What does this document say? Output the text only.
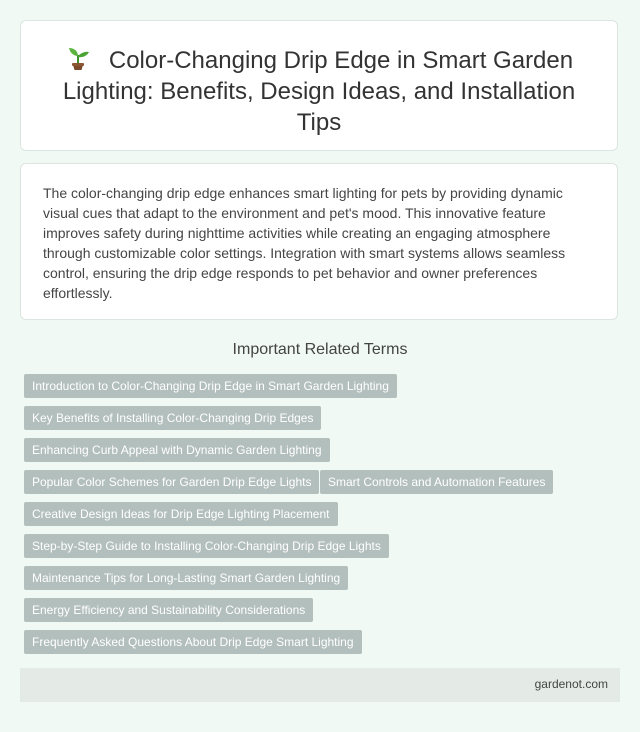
Color-Changing Drip Edge in Smart Garden Lighting: Benefits, Design Ideas, and Installation Tips

The color-changing drip edge enhances smart lighting for pets by providing dynamic visual cues that adapt to the environment and pet's mood. This innovative feature improves safety during nighttime activities while creating an engaging atmosphere through customizable color settings. Integration with smart systems allows seamless control, ensuring the drip edge responds to pet behavior and owner preferences effortlessly.

Important Related Terms
Introduction to Color-Changing Drip Edge in Smart Garden Lighting
Key Benefits of Installing Color-Changing Drip Edges
Enhancing Curb Appeal with Dynamic Garden Lighting
Popular Color Schemes for Garden Drip Edge Lights	Smart Controls and Automation Features
Creative Design Ideas for Drip Edge Lighting Placement
Step-by-Step Guide to Installing Color-Changing Drip Edge Lights
Maintenance Tips for Long-Lasting Smart Garden Lighting
Energy Efficiency and Sustainability Considerations
Frequently Asked Questions About Drip Edge Smart Lighting
gardenot.com
